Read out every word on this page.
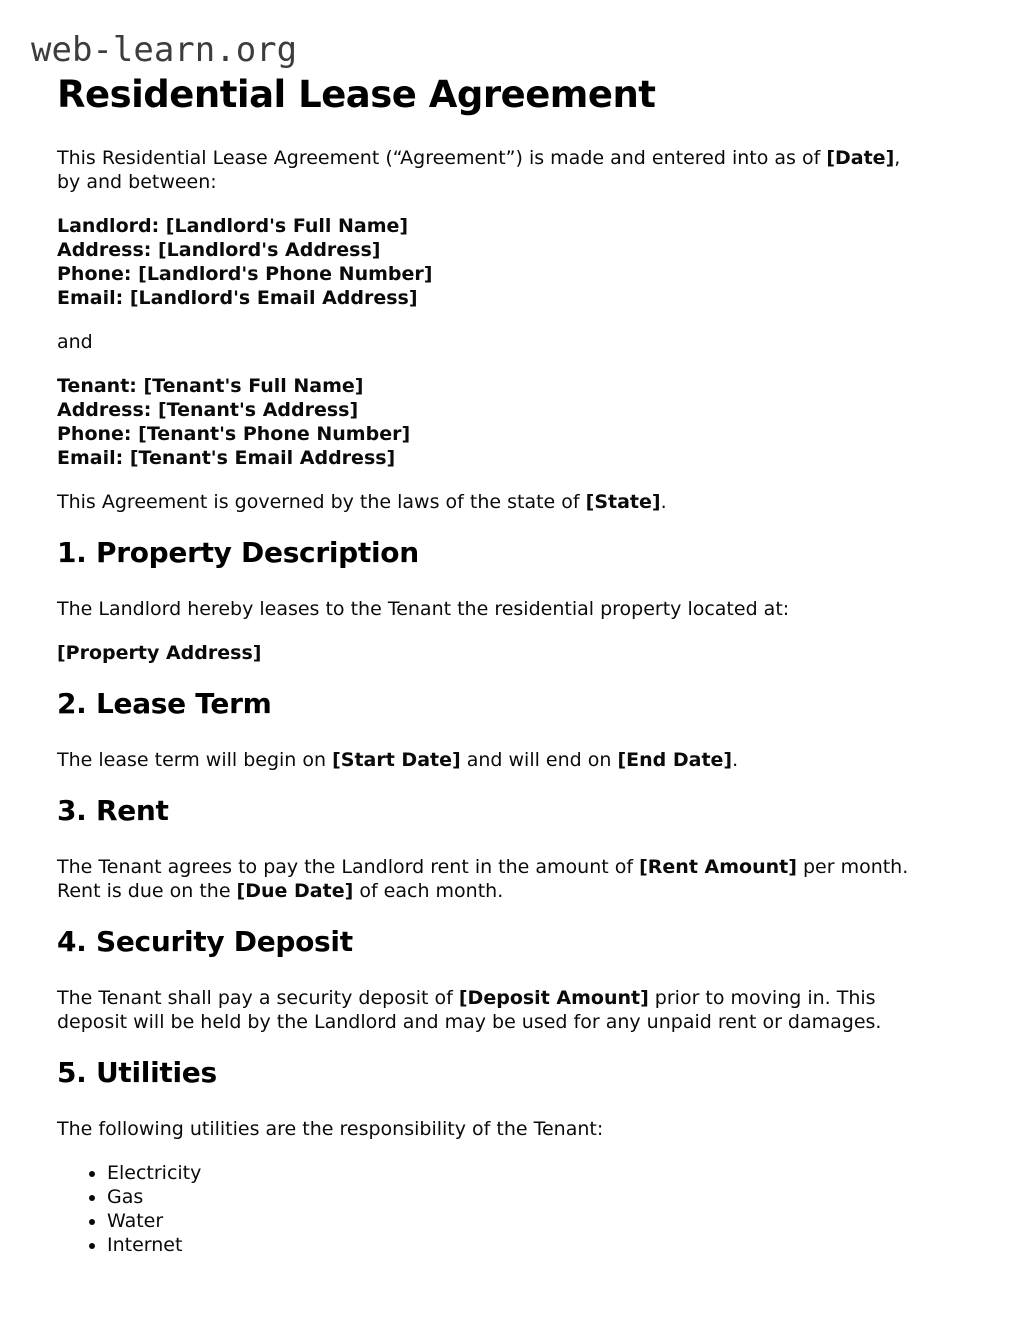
web-learn.org
Residential Lease Agreement

This Residential Lease Agreement (“Agreement”) is made and entered into as of [Date],
by and between:

Landlord: [Landlord's Full Name]
Address: [Landlord's Address]
Phone: [Landlord's Phone Number]
Email: [Landlord's Email Address]

and

Tenant: [Tenant's Full Name]
Address: [Tenant's Address]
Phone: [Tenant's Phone Number]
Email: [Tenant's Email Address]

This Agreement is governed by the laws of the state of [State].

1. Property Description

The Landlord hereby leases to the Tenant the residential property located at:

[Property Address]

2. Lease Term

The lease term will begin on [Start Date] and will end on [End Date].

3. Rent

The Tenant agrees to pay the Landlord rent in the amount of [Rent Amount] per month.
Rent is due on the [Due Date] of each month.

4. Security Deposit

The Tenant shall pay a security deposit of [Deposit Amount] prior to moving in. This
deposit will be held by the Landlord and may be used for any unpaid rent or damages.

5. Utilities

The following utilities are the responsibility of the Tenant:

• Electricity
• Gas
• Water
• Internet
